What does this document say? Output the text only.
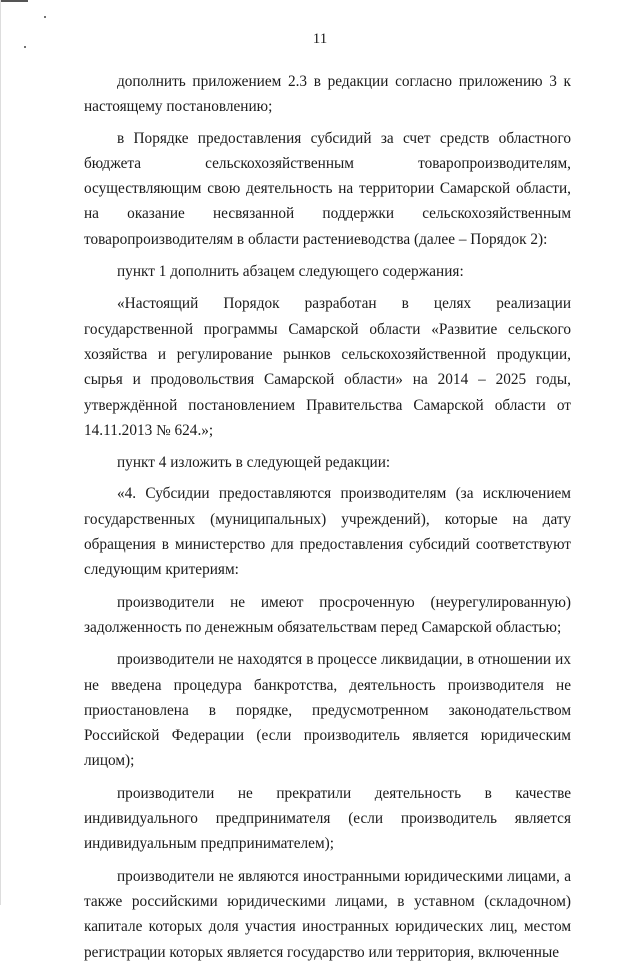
11

дополнить приложением 2.3 в редакции согласно приложению 3 к настоящему постановлению;

в Порядке предоставления субсидий за счет средств областного бюджета сельскохозяйственным товаропроизводителям, осуществляющим свою деятельность на территории Самарской области, на оказание несвязанной поддержки сельскохозяйственным товаропроизводителям в области растениеводства (далее – Порядок 2):

пункт 1 дополнить абзацем следующего содержания:

«Настоящий Порядок разработан в целях реализации государственной программы Самарской области «Развитие сельского хозяйства и регулирование рынков сельскохозяйственной продукции, сырья и продовольствия Самарской области» на 2014 – 2025 годы, утверждённой постановлением Правительства Самарской области от 14.11.2013 № 624.»;

пункт 4 изложить в следующей редакции:

«4. Субсидии предоставляются производителям (за исключением государственных (муниципальных) учреждений), которые на дату обращения в министерство для предоставления субсидий соответствуют следующим критериям:

производители не имеют просроченную (неурегулированную) задолженность по денежным обязательствам перед Самарской областью;

производители не находятся в процессе ликвидации, в отношении их не введена процедура банкротства, деятельность производителя не приостановлена в порядке, предусмотренном законодательством Российской Федерации (если производитель является юридическим лицом);

производители не прекратили деятельность в качестве индивидуального предпринимателя (если производитель является индивидуальным предпринимателем);

производители не являются иностранными юридическими лицами, а также российскими юридическими лицами, в уставном (складочном) капитале которых доля участия иностранных юридических лиц, местом регистрации которых является государство или территория, включенные
